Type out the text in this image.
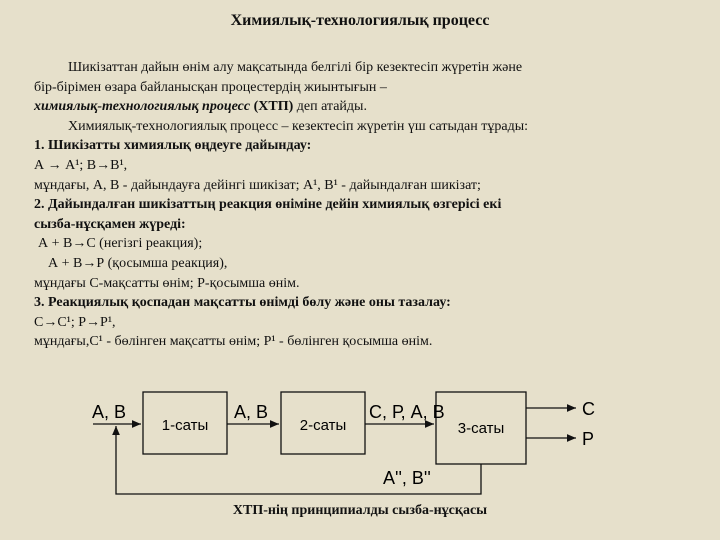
Химиялық-технологиялық процесс

Шикізаттан дайын өнім алу мақсатында белгілі бір кезектесіп жүретін және

бір-бірімен өзара байланысқан процестердің жиынтығын –

химиялық-технологиялық процесс (ХТП) деп атайды.

Химиялық-технологиялық процесс – кезектесіп жүретін үш сатыдан тұрады:

1. Шикізатты химиялық өңдеуге дайындау:

А → А¹; В→В¹,

мұндағы, А, В - дайындауға дейінгі шикізат; А¹, В¹ - дайындалған шикізат;

2. Дайындалған шикізаттың реакция өніміне дейін химиялық өзгерісі екі

сызба-нұсқамен жүреді:

А + В→С (негізгі реакция);

А + В→Р (қосымша реакция),

мұндағы С-мақсатты өнім; Р-қосымша өнім.

3. Реакциялық қоспадан мақсатты өнімді бөлу және оны тазалау:

С→С¹; Р→Р¹,

мұндағы,С¹ - бөлінген мақсатты өнім; Р¹ - бөлінген қосымша өнім.

1-саты	2-саты	3-саты
А, В	А, В	С, Р, А, В	С
Р
А'', В''
ХТП-нің принципиалды сызба-нұсқасы
